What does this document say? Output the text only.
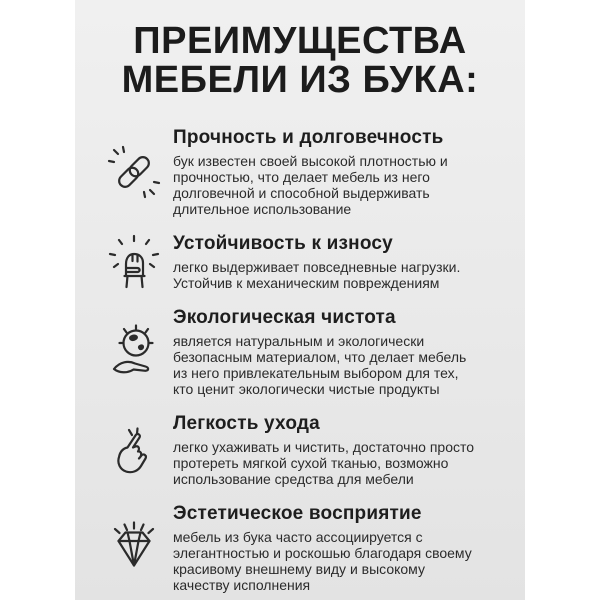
ПРЕИМУЩЕСТВА
МЕБЕЛИ ИЗ БУКА:
Прочность и долговечность

бук известен своей высокой плотностью и прочностью, что делает мебель из него долговечной и способной выдерживать длительное использование

Устойчивость к износу

легко выдерживает повседневные нагрузки. Устойчив к механическим повреждениям

Экологическая чистота

является натуральным и экологически безопасным материалом, что делает мебель из него привлекательным выбором для тех, кто ценит экологически чистые продукты

Легкость ухода

легко ухаживать и чистить, достаточно просто протереть мягкой сухой тканью, возможно использование средства для мебели

Эстетическое восприятие

мебель из бука часто ассоциируется с элегантностью и роскошью благодаря своему красивому внешнему виду и высокому качеству исполнения
